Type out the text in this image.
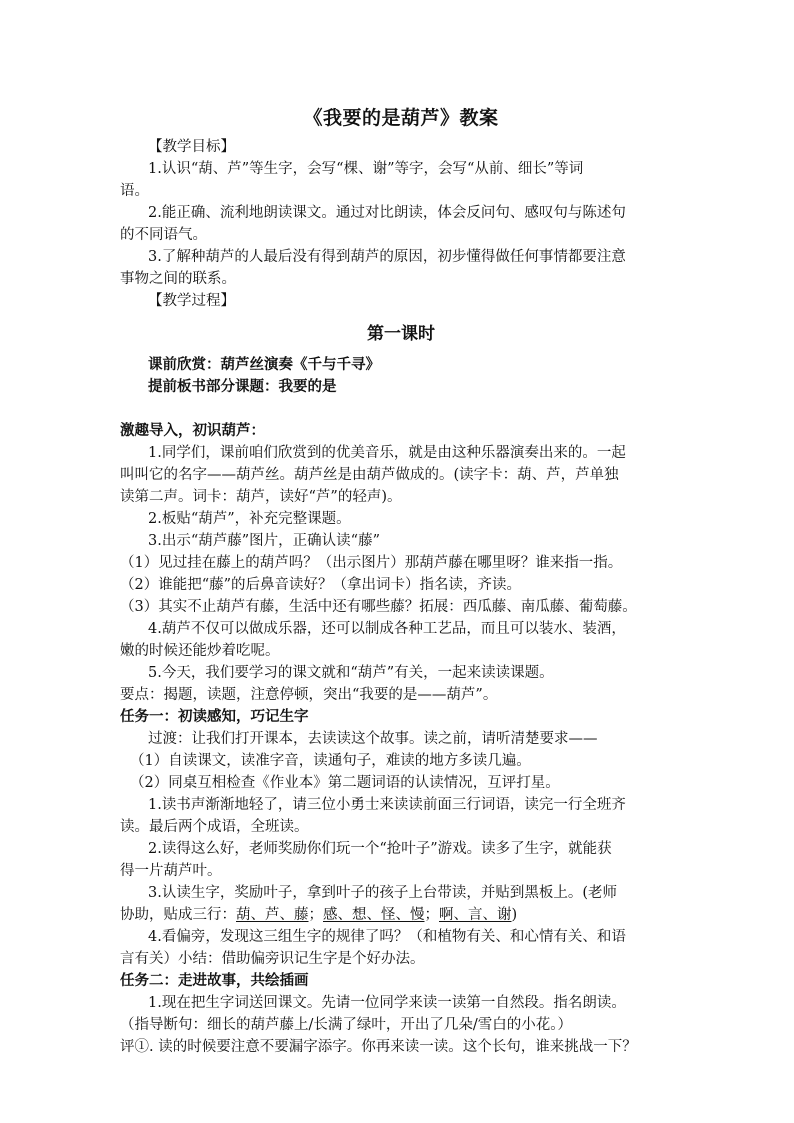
《我要的是葫芦》教案
【教学目标】
1.认识“葫、芦”等生字，会写“棵、谢”等字，会写“从前、细长”等词
语。
2.能正确、流利地朗读课文。通过对比朗读，体会反问句、感叹句与陈述句
的不同语气。
3.了解种葫芦的人最后没有得到葫芦的原因，初步懂得做任何事情都要注意
事物之间的联系。
【教学过程】
第一课时
课前欣赏：葫芦丝演奏《千与千寻》
提前板书部分课题：我要的是
激趣导入，初识葫芦：
1.同学们，课前咱们欣赏到的优美音乐，就是由这种乐器演奏出来的。一起
叫叫它的名字——葫芦丝。葫芦丝是由葫芦做成的。(读字卡：葫、芦，芦单独
读第二声。词卡：葫芦，读好“芦”的轻声)。
2.板贴“葫芦”，补充完整课题。
3.出示“葫芦藤”图片，正确认读“藤”
（1）见过挂在藤上的葫芦吗？（出示图片）那葫芦藤在哪里呀？谁来指一指。
（2）谁能把“藤”的后鼻音读好？（拿出词卡）指名读，齐读。
（3）其实不止葫芦有藤，生活中还有哪些藤？拓展：西瓜藤、南瓜藤、葡萄藤。
4.葫芦不仅可以做成乐器，还可以制成各种工艺品，而且可以装水、装酒，
嫩的时候还能炒着吃呢。
5.今天，我们要学习的课文就和“葫芦”有关，一起来读读课题。
要点：揭题，读题，注意停顿，突出“我要的是——葫芦”。
任务一：初读感知，巧记生字
过渡：让我们打开课本，去读读这个故事。读之前，请听清楚要求——
（1）自读课文，读准字音，读通句子，难读的地方多读几遍。
（2）同桌互相检查《作业本》第二题词语的认读情况，互评打星。
1.读书声渐渐地轻了，请三位小勇士来读读前面三行词语，读完一行全班齐
读。最后两个成语，全班读。
2.读得这么好，老师奖励你们玩一个“抢叶子”游戏。读多了生字，就能获
得一片葫芦叶。
3.认读生字，奖励叶子，拿到叶子的孩子上台带读，并贴到黑板上。(老师
协助，贴成三行：葫、芦、藤；感、想、怪、慢；啊、言、谢)
4.看偏旁，发现这三组生字的规律了吗？（和植物有关、和心情有关、和语
言有关）小结：借助偏旁识记生字是个好办法。
任务二：走进故事，共绘插画
1.现在把生字词送回课文。先请一位同学来读一读第一自然段。指名朗读。
（指导断句：细长的葫芦藤上/长满了绿叶，开出了几朵/雪白的小花。）
评①. 读的时候要注意不要漏字添字。你再来读一读。这个长句，谁来挑战一下？
